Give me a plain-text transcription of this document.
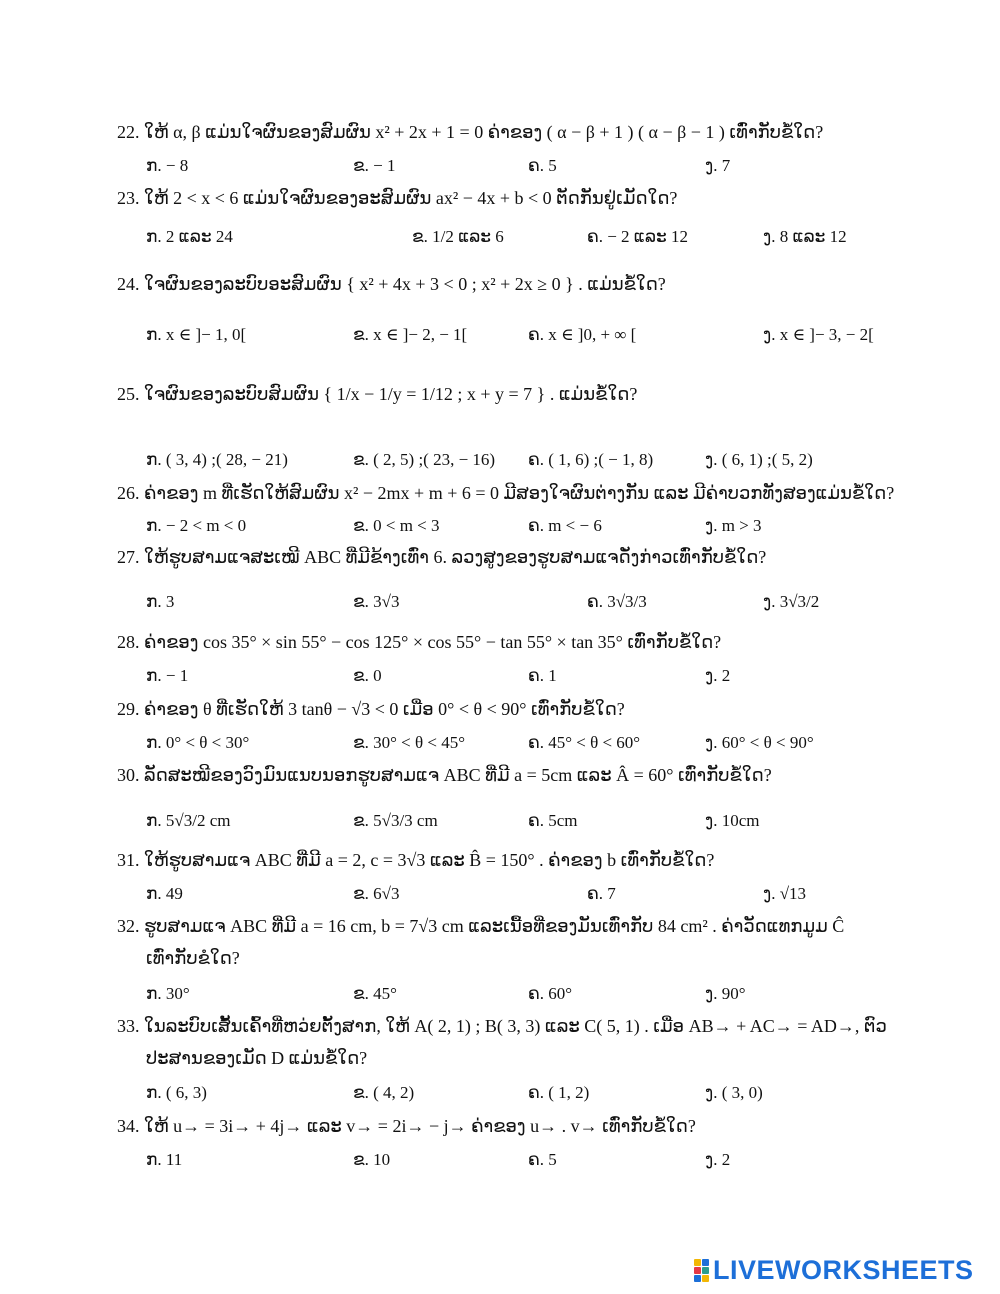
22. ໃຫ້ α, β ແມ່ນໃຈຜົນຂອງສົມຜົນ x² + 2x + 1 = 0 ຄ່າຂອງ ( α − β + 1 ) ( α − β − 1 ) ເທົ່າກັບຂໍ້ໃດ?
ກ. − 8	ຂ. − 1	ຄ. 5	ງ. 7
23. ໃຫ້ 2 < x < 6 ແມ່ນໃຈຜົນຂອງອະສົມຜົນ ax² − 4x + b < 0 ຕັດກັນຢູ່ເມັດໃດ?
ກ. 2 ແລະ 24	ຂ. 1/2 ແລະ 6	ຄ. − 2 ແລະ 12	ງ. 8 ແລະ 12
24. ໃຈຜົນຂອງລະບົບອະສົມຜົນ { x² + 4x + 3 < 0 ; x² + 2x ≥ 0 } . ແມ່ນຂໍ້ໃດ?
ກ. x ∈ ]− 1, 0[	ຂ. x ∈ ]− 2, − 1[	ຄ. x ∈ ]0, + ∞ [	ງ. x ∈ ]− 3, − 2[
25. ໃຈຜົນຂອງລະບົບສົມຜົນ { 1/x − 1/y = 1/12 ; x + y = 7 } . ແມ່ນຂໍ້ໃດ?
ກ. ( 3, 4) ;( 28, − 21)	ຂ. ( 2, 5) ;( 23, − 16) ຄ. ( 1, 6) ;( − 1, 8)	ງ. ( 6, 1) ;( 5, 2)
26. ຄ່າຂອງ m ທີ່ເຮັດໃຫ້ສົມຜົນ x² − 2mx + m + 6 = 0 ມີສອງໃຈຜົນຕ່າງກັນ ແລະ ມີຄ່າບວກທັງສອງແມ່ນຂໍ້ໃດ?
ກ. − 2 < m < 0	ຂ. 0 < m < 3	ຄ. m < − 6	ງ. m > 3
27. ໃຫ້ຮູບສາມແຈສະເໝີ ABC ທີ່ມີຂ້າງເທົ່າ 6. ລວງສູງຂອງຮູບສາມແຈດັ່ງກ່າວເທົ່າກັບຂໍ້ໃດ?
ກ. 3	ຂ. 3√3	ຄ. 3√3/3	ງ. 3√3/2
28. ຄ່າຂອງ cos 35° × sin 55° − cos 125° × cos 55° − tan 55° × tan 35° ເທົ່າກັບຂໍ້ໃດ?
ກ. − 1	ຂ. 0	ຄ. 1	ງ. 2
29. ຄ່າຂອງ θ ທີ່ເຮັດໃຫ້ 3 tanθ − √3 < 0 ເມື່ອ 0° < θ < 90° ເທົ່າກັບຂໍ້ໃດ?
ກ. 0° < θ < 30°	ຂ. 30° < θ < 45°	ຄ. 45° < θ < 60°	ງ. 60° < θ < 90°
30. ລັດສະໝີຂອງວົງມົນແນບນອກຮູບສາມແຈ ABC ທີ່ມີ a = 5cm ແລະ Â = 60° ເທົ່າກັບຂໍ້ໃດ?
ກ. 5√3/2 cm	ຂ. 5√3/3 cm	ຄ. 5cm	ງ. 10cm
31. ໃຫ້ຮູບສາມແຈ ABC ທີ່ມີ a = 2, c = 3√3 ແລະ B̂ = 150° . ຄ່າຂອງ b ເທົ່າກັບຂໍ້ໃດ?
ກ. 49	ຂ. 6√3	ຄ. 7	ງ. √13
32. ຮູບສາມແຈ ABC ທີ່ມີ a = 16 cm, b = 7√3 cm ແລະເນື້ອທີ່ຂອງມັນເທົ່າກັບ 84 cm² . ຄ່າວັດແທກມູມ Ĉ
ເທົ່າກັບຂໍໃດ?
ກ. 30°	ຂ. 45°	ຄ. 60°	ງ. 90°
33. ໃນລະບົບເສັ້ນເຄົ້າທີ່ຫວ່ຍຕັ້ງສາກ, ໃຫ້ A( 2, 1) ; B( 3, 3) ແລະ C( 5, 1) . ເມື່ອ AB→ + AC→ = AD→, ຕົວ
ປະສານຂອງເມັດ D ແມ່ນຂໍ້ໃດ?
ກ. ( 6, 3)	ຂ. ( 4, 2)	ຄ. ( 1, 2)	ງ. ( 3, 0)
34. ໃຫ້ u→ = 3i→ + 4j→ ແລະ v→ = 2i→ − j→ ຄ່າຂອງ u→ . v→ ເທົ່າກັບຂໍ້ໃດ?
ກ. 11	ຂ. 10	ຄ. 5	ງ. 2
LIVEWORKSHEETS
